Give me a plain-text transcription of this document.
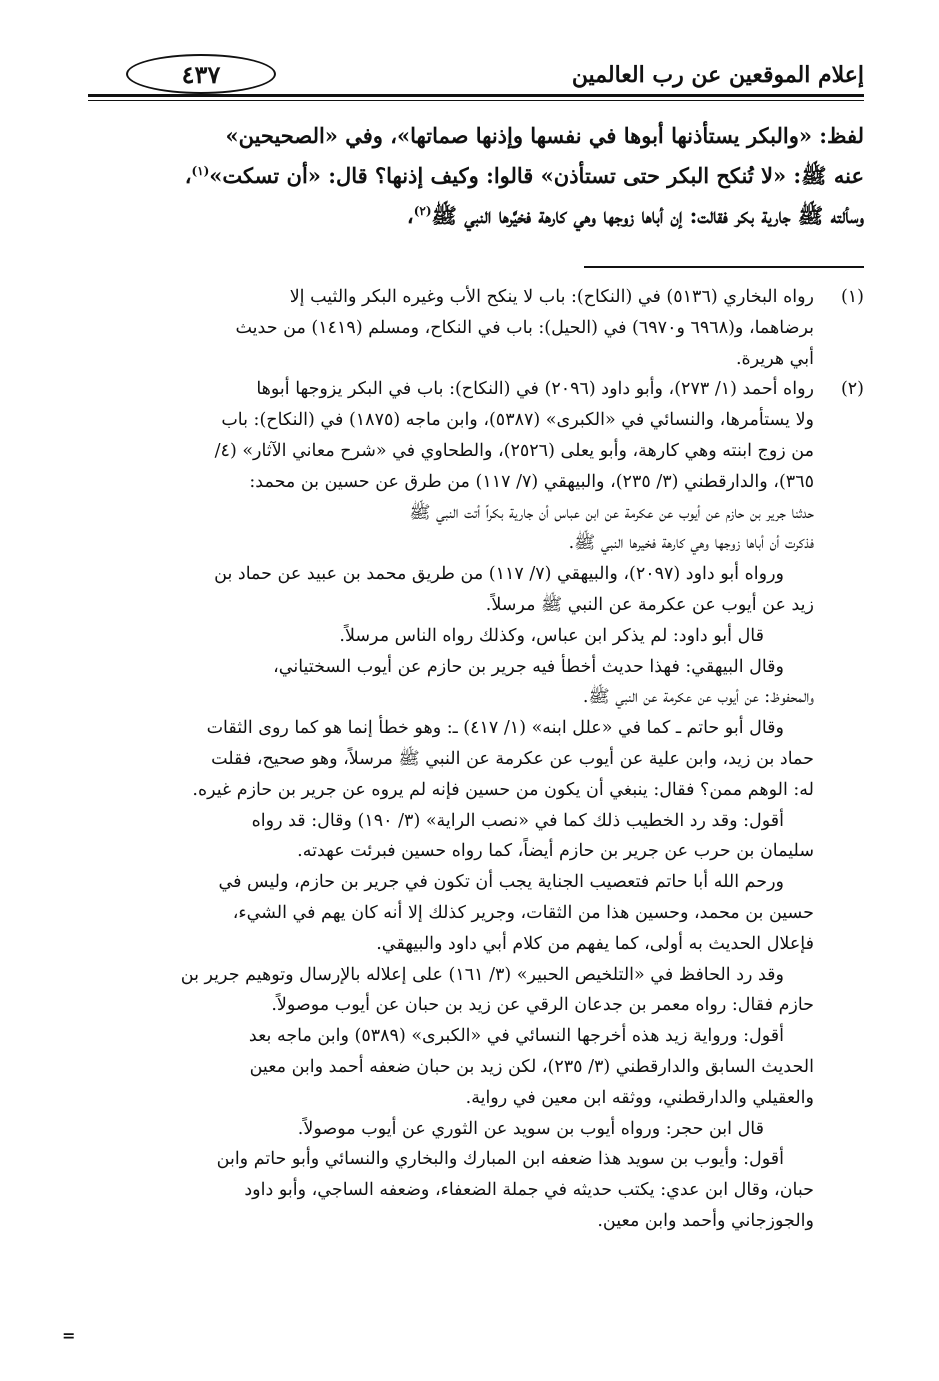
إعلام الموقعين عن رب العالمين
٤٣٧
لفظ: «والبكر يستأذنها أبوها في نفسها وإذنها صماتها»، وفي «الصحيحين»
عنه ﷺ: «لا تُنكح البكر حتى تستأذن» قالوا: وكيف إذنها؟ قال: «أن تسكت»$^{(١)}$،
وسألته ﷺ جارية بكر فقالت: إن أباها زوجها وهي كارهة فخيَّرها النبي ﷺ$^{(٢)}$،
(١)
رواه البخاري (٥١٣٦) في (النكاح): باب لا ينكح الأب وغيره البكر والثيب إلا
برضاهما، و(٦٩٦٨ و٦٩٧٠) في (الحيل): باب في النكاح، ومسلم (١٤١٩) من حديث
أبي هريرة.
(٢)
رواه أحمد (١/ ٢٧٣)، وأبو داود (٢٠٩٦) في (النكاح): باب في البكر يزوجها أبوها
ولا يستأمرها، والنسائي في «الكبرى» (٥٣٨٧)، وابن ماجه (١٨٧٥) في (النكاح): باب
من زوج ابنته وهي كارهة، وأبو يعلى (٢٥٢٦)، والطحاوي في «شرح معاني الآثار» (٤/
٣٦٥)، والدارقطني (٣/ ٢٣٥)، والبيهقي (٧/ ١١٧) من طرق عن حسين بن محمد:
حدثنا جرير بن حازم عن أيوب عن عكرمة عن ابن عباس أن جارية بكراً أتت النبي ﷺ
فذكرت أن أباها زوجها وهي كارهة فخيرها النبي ﷺ.
ورواه أبو داود (٢٠٩٧)، والبيهقي (٧/ ١١٧) من طريق محمد بن عبيد عن حماد بن
زيد عن أيوب عن عكرمة عن النبي ﷺ مرسلاً.
قال أبو داود: لم يذكر ابن عباس، وكذلك رواه الناس مرسلاً.
وقال البيهقي: فهذا حديث أخطأ فيه جرير بن حازم عن أيوب السختياني،
والمحفوظ: عن أيوب عن عكرمة عن النبي ﷺ.
وقال أبو حاتم ـ كما في «علل ابنه» (١/ ٤١٧) ـ: وهو خطأ إنما هو كما روى الثقات
حماد بن زيد، وابن علية عن أيوب عن عكرمة عن النبي ﷺ مرسلاً، وهو صحيح، فقلت
له: الوهم ممن؟ فقال: ينبغي أن يكون من حسين فإنه لم يروه عن جرير بن حازم غيره.
أقول: وقد رد الخطيب ذلك كما في «نصب الراية» (٣/ ١٩٠) وقال: قد رواه
سليمان بن حرب عن جرير بن حازم أيضاً، كما رواه حسين فبرئت عهدته.
ورحم الله أبا حاتم فتعصيب الجناية يجب أن تكون في جرير بن حازم، وليس في
حسين بن محمد، وحسين هذا من الثقات، وجرير كذلك إلا أنه كان يهم في الشيء،
فإعلال الحديث به أولى، كما يفهم من كلام أبي داود والبيهقي.
وقد رد الحافظ في «التلخيص الحبير» (٣/ ١٦١) على إعلاله بالإرسال وتوهيم جرير بن
حازم فقال: رواه معمر بن جدعان الرقي عن زيد بن حبان عن أيوب موصولاً.
أقول: ورواية زيد هذه أخرجها النسائي في «الكبرى» (٥٣٨٩) وابن ماجه بعد
الحديث السابق والدارقطني (٣/ ٢٣٥)، لكن زيد بن حبان ضعفه أحمد وابن معين
والعقيلي والدارقطني، ووثقه ابن معين في رواية.
قال ابن حجر: ورواه أيوب بن سويد عن الثوري عن أيوب موصولاً.
أقول: وأيوب بن سويد هذا ضعفه ابن المبارك والبخاري والنسائي وأبو حاتم وابن
حبان، وقال ابن عدي: يكتب حديثه في جملة الضعفاء، وضعفه الساجي، وأبو داود
والجوزجاني وأحمد وابن معين.
=
